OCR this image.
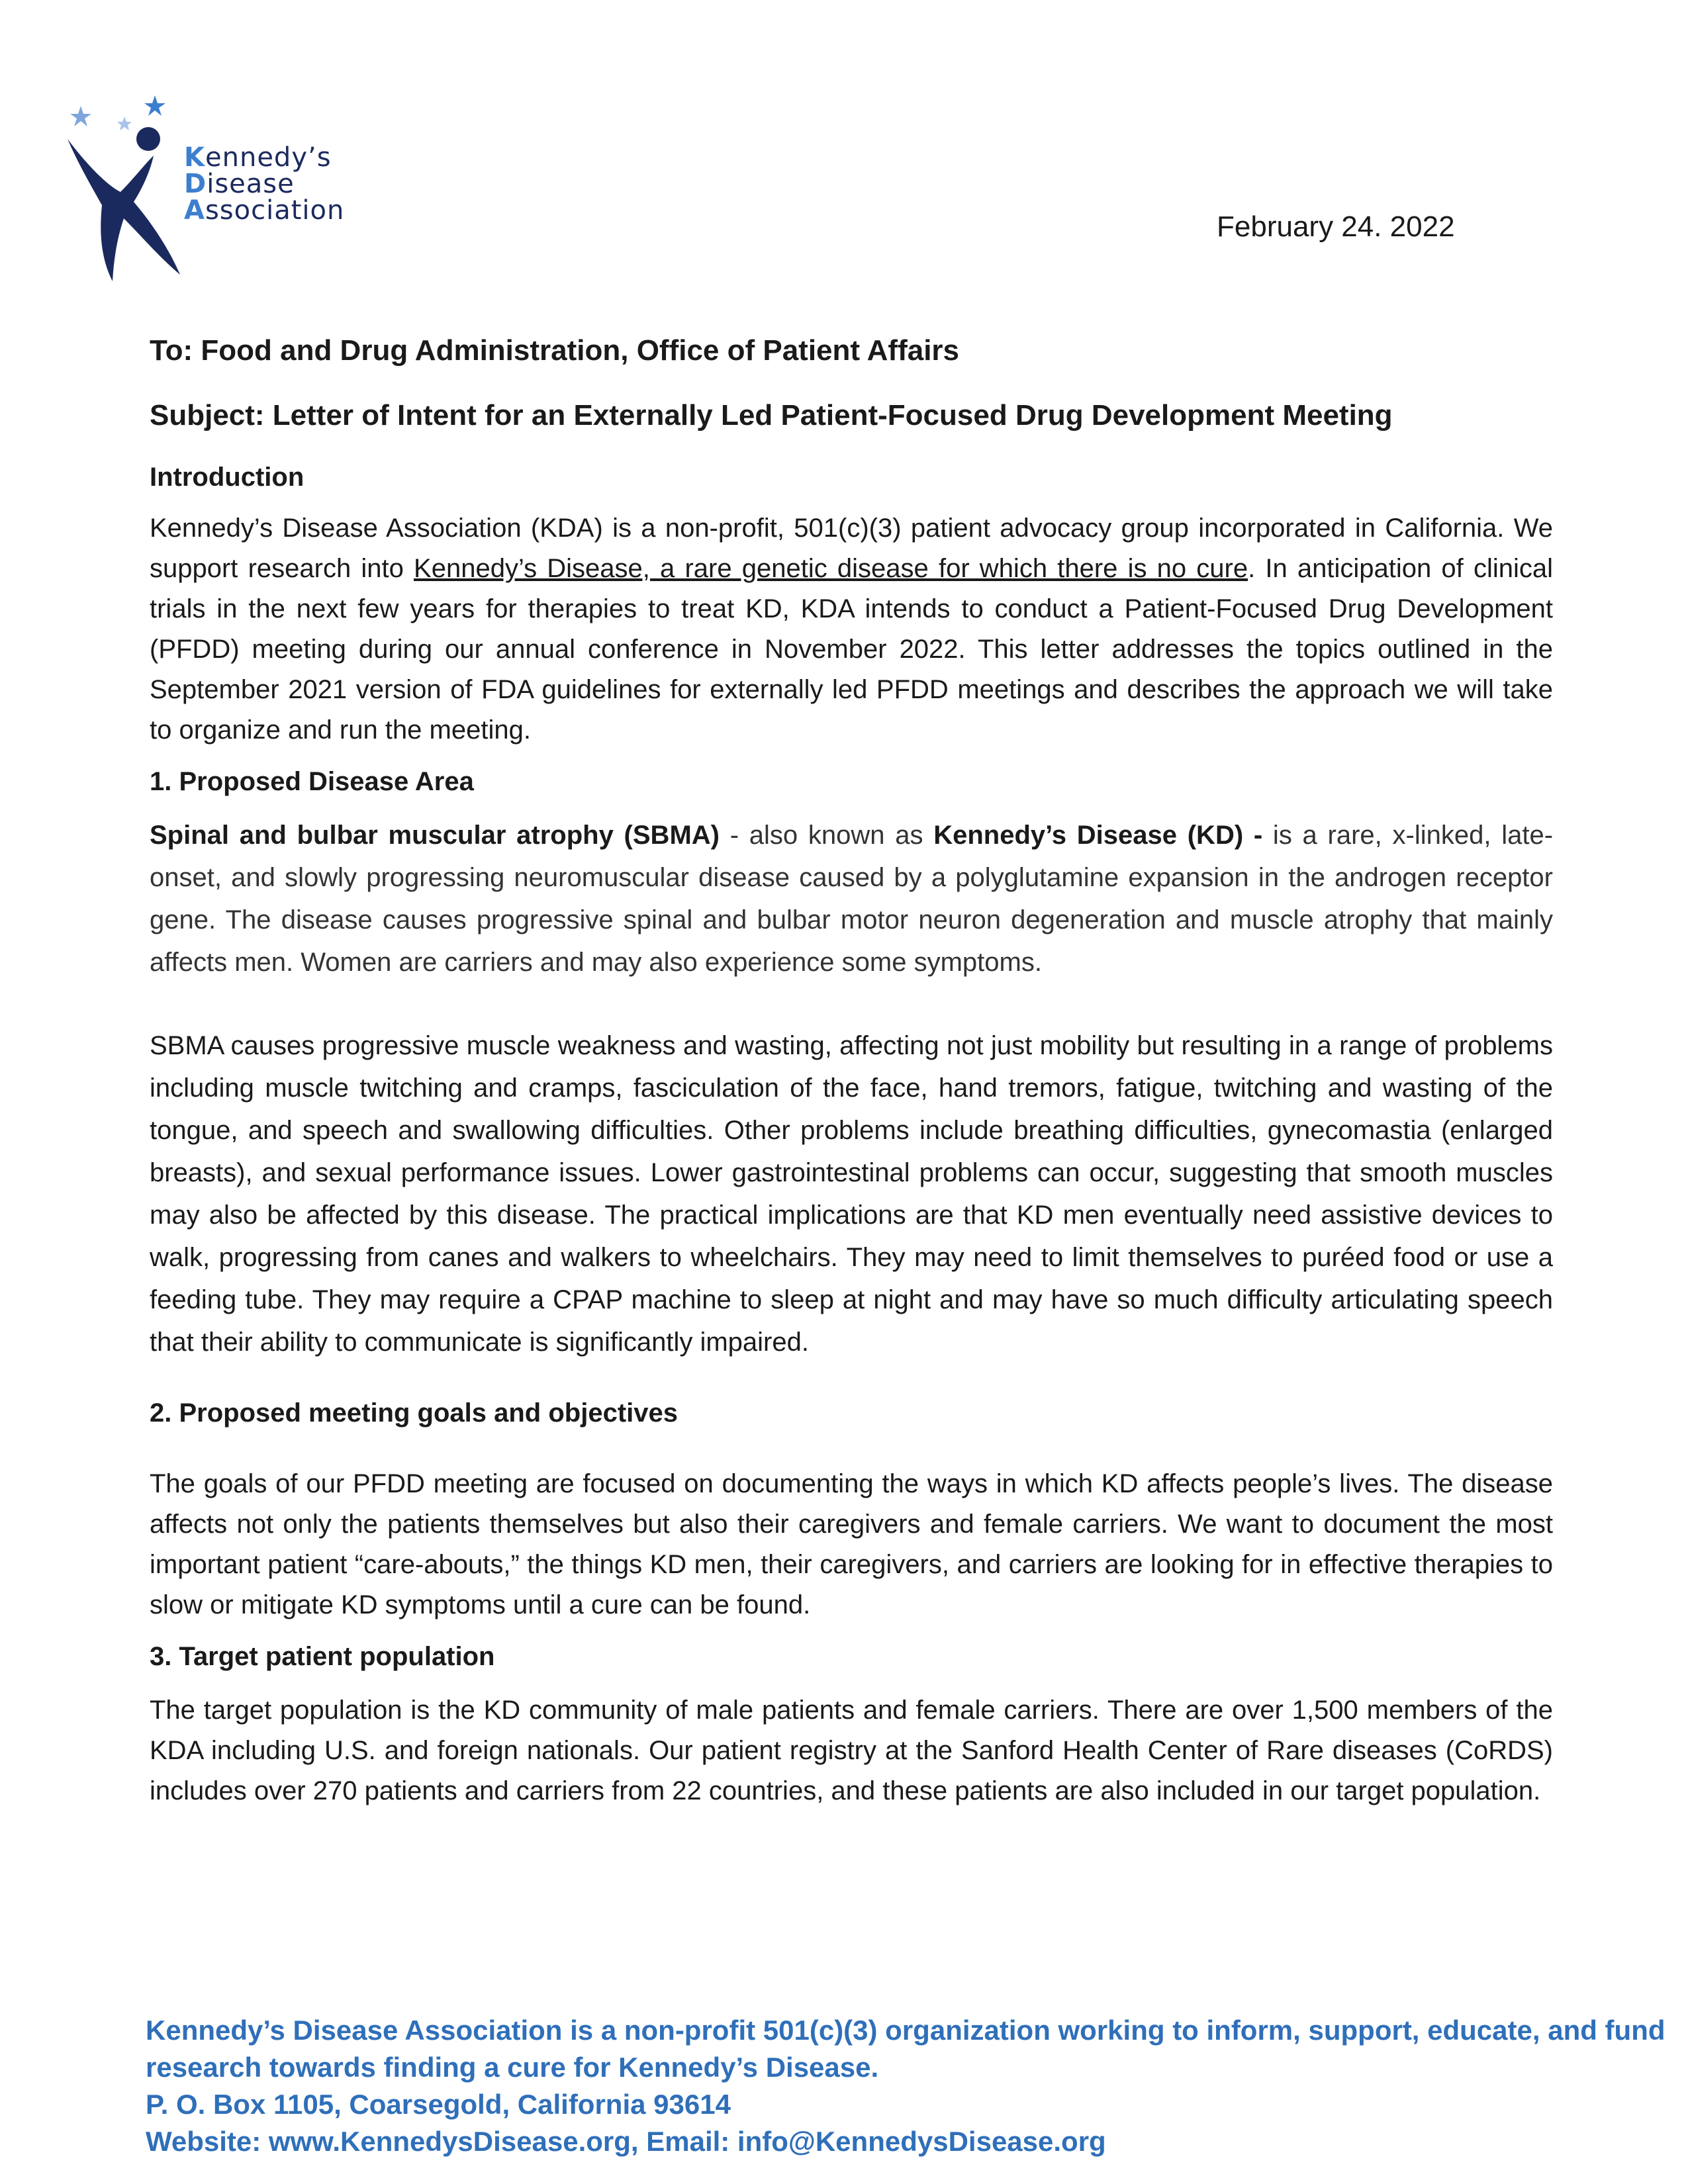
Kennedy’s
Disease
Association	February 24. 2022
To: Food and Drug Administration, Office of Patient Affairs
Subject: Letter of Intent for an Externally Led Patient-Focused Drug Development Meeting
Introduction

Kennedy’s Disease Association (KDA) is a non-profit, 501(c)(3) patient advocacy group incorporated in California. We support research into Kennedy’s Disease, a rare genetic disease for which there is no cure. In anticipation of clinical trials in the next few years for therapies to treat KD, KDA intends to conduct a Patient-Focused Drug Development (PFDD) meeting during our annual conference in November 2022. This letter addresses the topics outlined in the September 2021 version of FDA guidelines for externally led PFDD meetings and describes the approach we will take to organize and run the meeting.

1. Proposed Disease Area

Spinal and bulbar muscular atrophy (SBMA) - also known as Kennedy’s Disease (KD) - is a rare, x-linked, late-onset, and slowly progressing neuromuscular disease caused by a polyglutamine expansion in the androgen receptor gene. The disease causes progressive spinal and bulbar motor neuron degeneration and muscle atrophy that mainly affects men. Women are carriers and may also experience some symptoms.

SBMA causes progressive muscle weakness and wasting, affecting not just mobility but resulting in a range of problems including muscle twitching and cramps, fasciculation of the face, hand tremors, fatigue, twitching and wasting of the tongue, and speech and swallowing difficulties. Other problems include breathing difficulties, gynecomastia (enlarged breasts), and sexual performance issues. Lower gastrointestinal problems can occur, suggesting that smooth muscles may also be affected by this disease. The practical implications are that KD men eventually need assistive devices to walk, progressing from canes and walkers to wheelchairs. They may need to limit themselves to puréed food or use a feeding tube. They may require a CPAP machine to sleep at night and may have so much difficulty articulating speech that their ability to communicate is significantly impaired.

2. Proposed meeting goals and objectives

The goals of our PFDD meeting are focused on documenting the ways in which KD affects people’s lives. The disease affects not only the patients themselves but also their caregivers and female carriers. We want to document the most important patient “care-abouts,” the things KD men, their caregivers, and carriers are looking for in effective therapies to slow or mitigate KD symptoms until a cure can be found.

3. Target patient population

The target population is the KD community of male patients and female carriers. There are over 1,500 members of the KDA including U.S. and foreign nationals. Our patient registry at the Sanford Health Center of Rare diseases (CoRDS) includes over 270 patients and carriers from 22 countries, and these patients are also included in our target population.

Kennedy’s Disease Association is a non-profit 501(c)(3) organization working to inform, support, educate, and fund
research towards finding a cure for Kennedy’s Disease.
P. O. Box 1105, Coarsegold, California 93614
Website: www.KennedysDisease.org, Email: info@KennedysDisease.org
